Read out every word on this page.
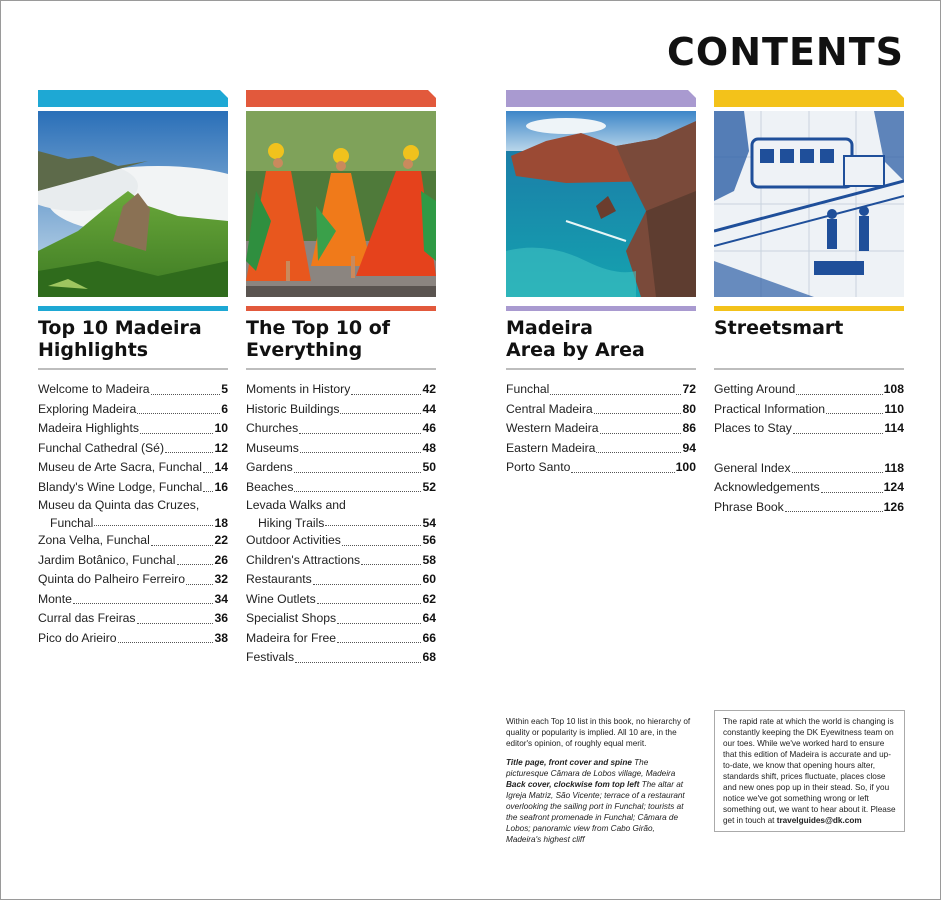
CONTENTS
Top 10 Madeira
Highlights
Welcome to Madeira	5
Exploring Madeira	6
Madeira Highlights	10
Funchal Cathedral (Sé)	12
Museu de Arte Sacra, Funchal 14
Blandy's Wine Lodge, Funchal 16
Museu da Quinta das Cruzes,
Funchal	18
Zona Velha, Funchal	22
Jardim Botânico, Funchal	26
Quinta do Palheiro Ferreiro 32
Monte	34
Curral das Freiras	36
Pico do Arieiro	38
The Top 10 of
Everything
Moments in History	42
Historic Buildings	44
Churches	46
Museums	48
Gardens	50
Beaches	52
Levada Walks and
Hiking Trails	54
Outdoor Activities	56
Children's Attractions	58
Restaurants	60
Wine Outlets	62
Specialist Shops	64
Madeira for Free	66
Festivals	68
Madeira
Area by Area
Funchal	72
Central Madeira	80
Western Madeira	86
Eastern Madeira	94
Porto Santo	100
Streetsmart
Getting Around	108
Practical Information	110
Places to Stay	114
General Index	118
Acknowledgements	124
Phrase Book	126
Within each Top 10 list in this book, no hierarchy of quality or popularity is implied. All 10 are, in the editor's opinion, of roughly equal merit.
Title page, front cover and spine The picturesque Câmara de Lobos village, Madeira Back cover, clockwise fom top left The altar at Igreja Matriz, São Vicente; terrace of a restaurant overlooking the sailing port in Funchal; tourists at the seafront promenade in Funchal; Câmara de Lobos; panoramic view from Cabo Girão, Madeira's highest cliff
The rapid rate at which the world is changing is constantly keeping the DK Eyewitness team on our toes. While we've worked hard to ensure that this edition of Madeira is accurate and up-to-date, we know that opening hours alter, standards shift, prices fluctuate, places close and new ones pop up in their stead. So, if you notice we've got something wrong or left something out, we want to hear about it. Please get in touch at travelguides@dk.com
